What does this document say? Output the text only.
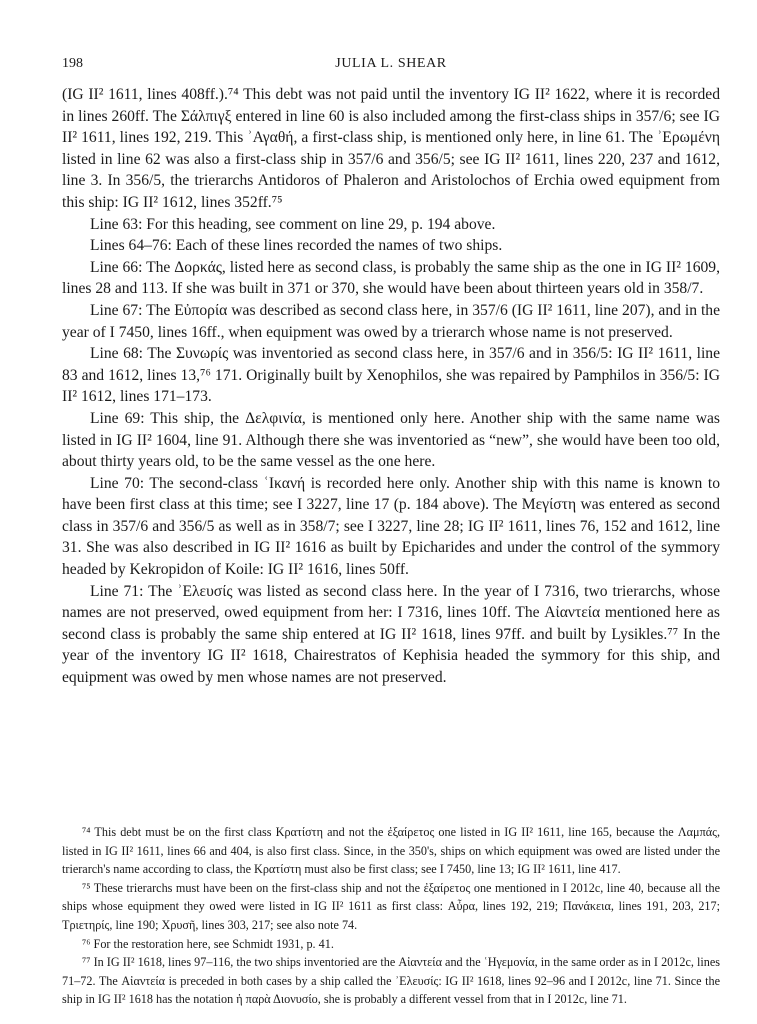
198	JULIA L. SHEAR

(IG II² 1611, lines 408ff.).⁷⁴ This debt was not paid until the inventory IG II² 1622, where it is recorded in lines 260ff. The Σάλπιγξ entered in line 60 is also included among the first-class ships in 357/6; see IG II² 1611, lines 192, 219. This ʾΑγαθή, a first-class ship, is mentioned only here, in line 61. The ʾΕρωμένη listed in line 62 was also a first-class ship in 357/6 and 356/5; see IG II² 1611, lines 220, 237 and 1612, line 3. In 356/5, the trierarchs Antidoros of Phaleron and Aristolochos of Erchia owed equipment from this ship: IG II² 1612, lines 352ff.⁷⁵

Line 63: For this heading, see comment on line 29, p. 194 above.

Lines 64–76: Each of these lines recorded the names of two ships.

Line 66: The Δορκάς, listed here as second class, is probably the same ship as the one in IG II² 1609, lines 28 and 113. If she was built in 371 or 370, she would have been about thirteen years old in 358/7.

Line 67: The Εὐπορία was described as second class here, in 357/6 (IG II² 1611, line 207), and in the year of I 7450, lines 16ff., when equipment was owed by a trierarch whose name is not preserved.

Line 68: The Συνωρίς was inventoried as second class here, in 357/6 and in 356/5: IG II² 1611, line 83 and 1612, lines 13,⁷⁶ 171. Originally built by Xenophilos, she was repaired by Pamphilos in 356/5: IG II² 1612, lines 171–173.

Line 69: This ship, the Δελφινία, is mentioned only here. Another ship with the same name was listed in IG II² 1604, line 91. Although there she was inventoried as “new”, she would have been too old, about thirty years old, to be the same vessel as the one here.

Line 70: The second-class ʿΙκανή is recorded here only. Another ship with this name is known to have been first class at this time; see I 3227, line 17 (p. 184 above). The Μεγίστη was entered as second class in 357/6 and 356/5 as well as in 358/7; see I 3227, line 28; IG II² 1611, lines 76, 152 and 1612, line 31. She was also described in IG II² 1616 as built by Epicharides and under the control of the symmory headed by Kekropidon of Koile: IG II² 1616, lines 50ff.

Line 71: The ʾΕλευσίς was listed as second class here. In the year of I 7316, two trierarchs, whose names are not preserved, owed equipment from her: I 7316, lines 10ff. The Αἰαντεία mentioned here as second class is probably the same ship entered at IG II² 1618, lines 97ff. and built by Lysikles.⁷⁷ In the year of the inventory IG II² 1618, Chairestratos of Kephisia headed the symmory for this ship, and equipment was owed by men whose names are not preserved.

⁷⁴ This debt must be on the first class Κρατίστη and not the ἐξαίρετος one listed in IG II² 1611, line 165, because the Λαμπάς, listed in IG II² 1611, lines 66 and 404, is also first class. Since, in the 350's, ships on which equipment was owed are listed under the trierarch's name according to class, the Κρατίστη must also be first class; see I 7450, line 13; IG II² 1611, line 417.

⁷⁵ These trierarchs must have been on the first-class ship and not the ἐξαίρετος one mentioned in I 2012c, line 40, because all the ships whose equipment they owed were listed in IG II² 1611 as first class: Αὖρα, lines 192, 219; Πανάκεια, lines 191, 203, 217; Τριετηρίς, line 190; Χρυσῆ, lines 303, 217; see also note 74.

⁷⁶ For the restoration here, see Schmidt 1931, p. 41.

⁷⁷ In IG II² 1618, lines 97–116, the two ships inventoried are the Αἰαντεία and the ʿΗγεμονία, in the same order as in I 2012c, lines 71–72. The Αἰαντεία is preceded in both cases by a ship called the ʾΕλευσίς: IG II² 1618, lines 92–96 and I 2012c, line 71. Since the ship in IG II² 1618 has the notation ἡ παρὰ Διονυσίο, she is probably a different vessel from that in I 2012c, line 71.
